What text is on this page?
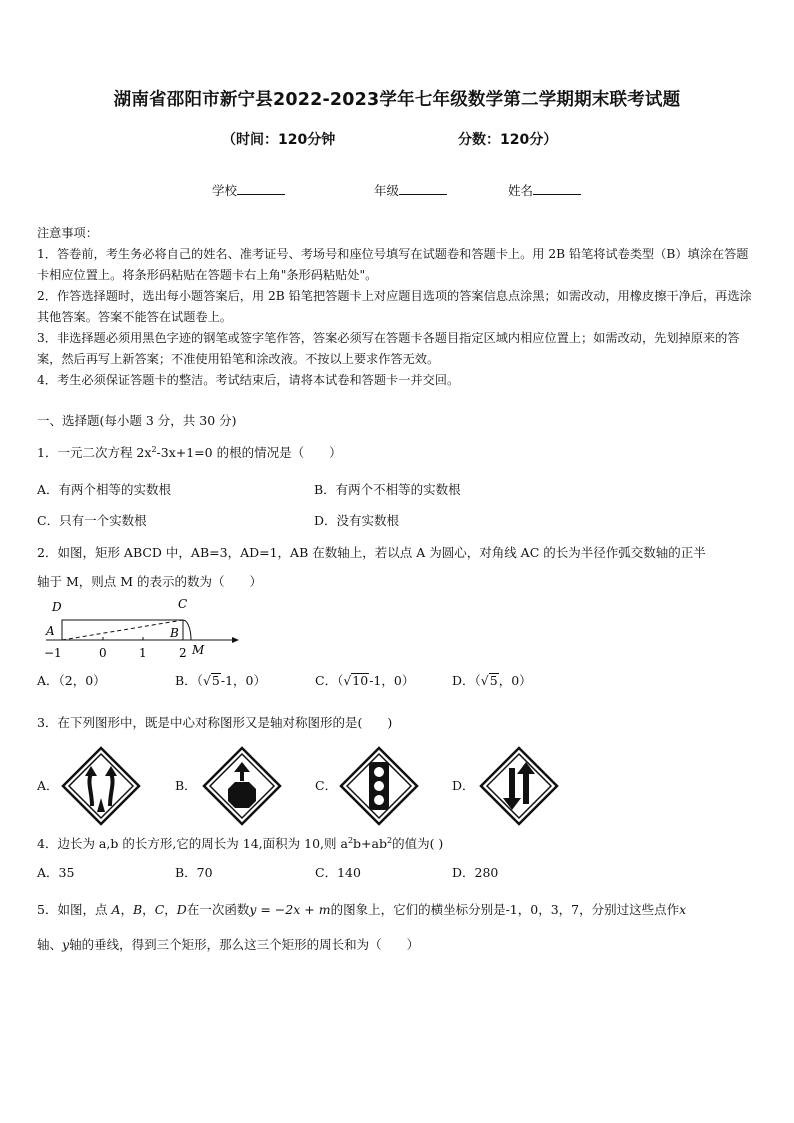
湖南省邵阳市新宁县2022-2023学年七年级数学第二学期期末联考试题
（时间：120分钟	分数：120分）
学校	年级	姓名

注意事项：

1．答卷前，考生务必将自己的姓名、准考证号、考场号和座位号填写在试题卷和答题卡上。用 2B 铅笔将试卷类型（B）填涂在答题卡相应位置上。将条形码粘贴在答题卡右上角"条形码粘贴处"。

2．作答选择题时，选出每小题答案后，用 2B 铅笔把答题卡上对应题目选项的答案信息点涂黑；如需改动，用橡皮擦干净后，再选涂其他答案。答案不能答在试题卷上。

3．非选择题必须用黑色字迹的钢笔或签字笔作答，答案必须写在答题卡各题目指定区域内相应位置上；如需改动，先划掉原来的答案，然后再写上新答案；不准使用铅笔和涂改液。不按以上要求作答无效。

4．考生必须保证答题卡的整洁。考试结束后，请将本试卷和答题卡一并交回。

一、选择题(每小题 3 分，共 30 分)
1．一元二次方程 $2x^2-3x+1=0$ 的根的情况是（　　）
A．有两个相等的实数根	B．有两个不相等的实数根
C．只有一个实数根	D．没有实数根
2．如图，矩形 ABCD 中，AB=3，AD=1，AB 在数轴上，若以点 A 为圆心，对角线 AC 的长为半径作弧交数轴的正半
轴于 M，则点 M 的表示的数为（　　）
D	C
A	B
M
−1	0	1	2
A．（2，0）	B．（√5-1，0）	C．（√10-1，0）	D．（√5，0）
3．在下列图形中，既是中心对称图形又是轴对称图形的是(　　)
A．	B．	C．	D．
4．边长为 a,b 的长方形,它的周长为 14,面积为 10,则 $a^2b+ab^2$的值为( )
A．35	B．70	C．140	D．280
5．如图，点 A，B，C，D在一次函数y = −2x + m的图象上，它们的横坐标分别是-1，0，3，7，分别过这些点作x
轴、y轴的垂线，得到三个矩形，那么这三个矩形的周长和为（　　）
